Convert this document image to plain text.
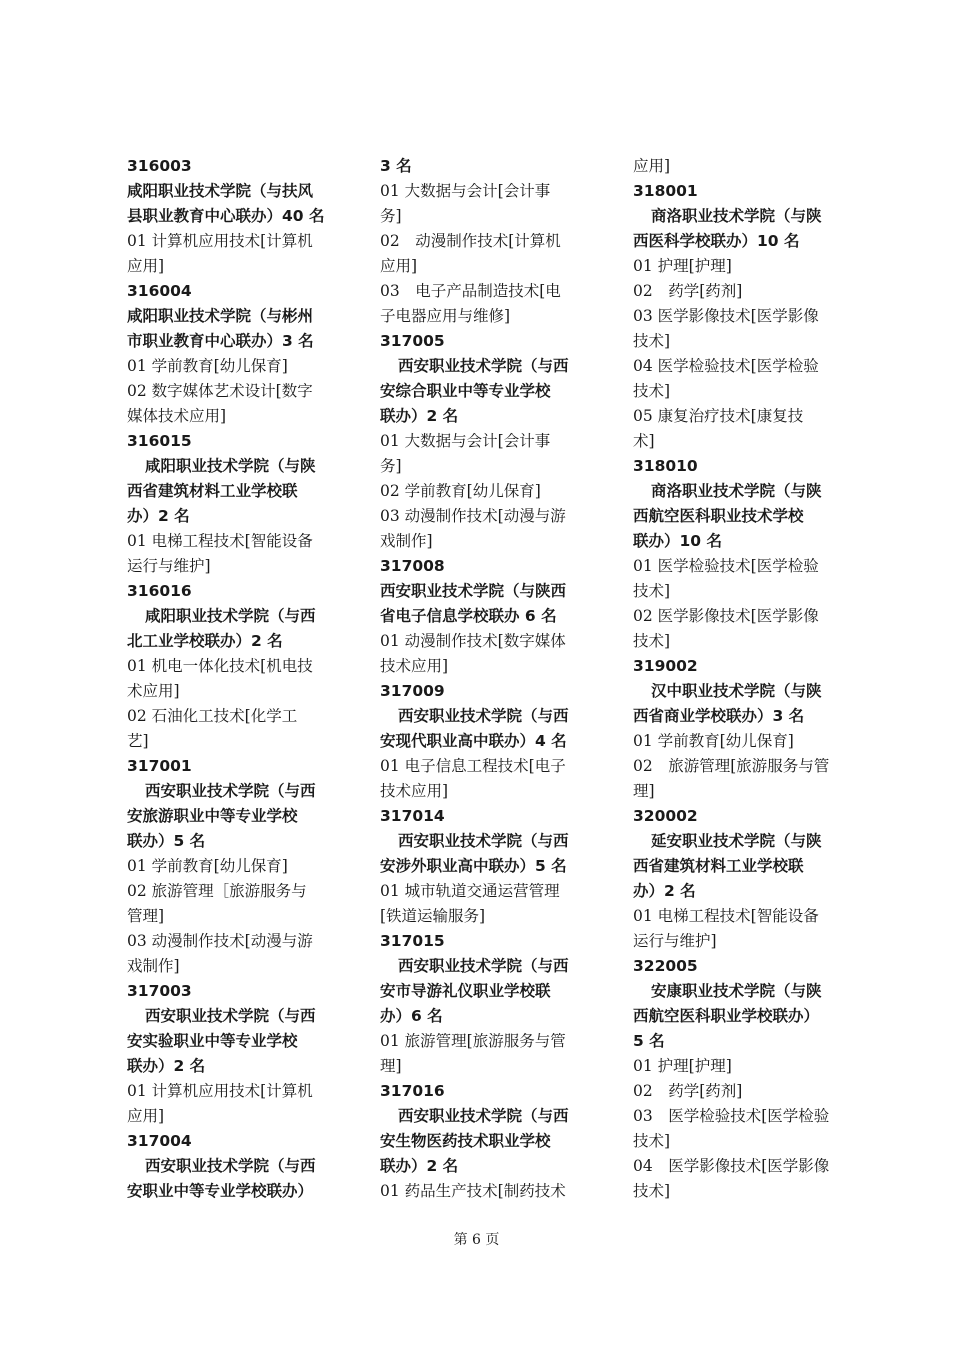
316003
咸阳职业技术学院（与扶风
县职业教育中心联办）40 名
01 计算机应用技术[计算机
应用]
316004
咸阳职业技术学院（与彬州
市职业教育中心联办）3 名
01 学前教育[幼儿保育]
02 数字媒体艺术设计[数字
媒体技术应用]
316015
咸阳职业技术学院（与陕
西省建筑材料工业学校联
办）2 名
01 电梯工程技术[智能设备
运行与维护]
316016
咸阳职业技术学院（与西
北工业学校联办）2 名
01 机电一体化技术[机电技
术应用]
02 石油化工技术[化学工
艺]
317001
西安职业技术学院（与西
安旅游职业中等专业学校
联办）5 名
01 学前教育[幼儿保育]
02 旅游管理［旅游服务与
管理]
03 动漫制作技术[动漫与游
戏制作]
317003
西安职业技术学院（与西
安实验职业中等专业学校
联办）2 名
01 计算机应用技术[计算机
应用]
317004
西安职业技术学院（与西
安职业中等专业学校联办）
3 名
01 大数据与会计[会计事
务]
02　动漫制作技术[计算机
应用]
03　电子产品制造技术[电
子电器应用与维修]
317005
西安职业技术学院（与西
安综合职业中等专业学校
联办）2 名
01 大数据与会计[会计事
务]
02 学前教育[幼儿保育]
03 动漫制作技术[动漫与游
戏制作]
317008
西安职业技术学院（与陕西
省电子信息学校联办 6 名
01 动漫制作技术[数字媒体
技术应用]
317009
西安职业技术学院（与西
安现代职业高中联办）4 名
01 电子信息工程技术[电子
技术应用]
317014
西安职业技术学院（与西
安涉外职业高中联办）5 名
01 城市轨道交通运营管理
[铁道运输服务]
317015
西安职业技术学院（与西
安市导游礼仪职业学校联
办）6 名
01 旅游管理[旅游服务与管
理]
317016
西安职业技术学院（与西
安生物医药技术职业学校
联办）2 名
01 药品生产技术[制药技术
应用]
318001
商洛职业技术学院（与陕
西医科学校联办）10 名
01 护理[护理]
02　药学[药剂]
03 医学影像技术[医学影像
技术]
04 医学检验技术[医学检验
技术]
05 康复治疗技术[康复技
术]
318010
商洛职业技术学院（与陕
西航空医科职业技术学校
联办）10 名
01 医学检验技术[医学检验
技术]
02 医学影像技术[医学影像
技术]
319002
汉中职业技术学院（与陕
西省商业学校联办）3 名
01 学前教育[幼儿保育]
02　旅游管理[旅游服务与管
理]
320002
延安职业技术学院（与陕
西省建筑材料工业学校联
办）2 名
01 电梯工程技术[智能设备
运行与维护]
322005
安康职业技术学院（与陕
西航空医科职业学校联办）
5 名
01 护理[护理]
02　药学[药剂]
03　医学检验技术[医学检验
技术]
04　医学影像技术[医学影像
技术]
第 6 页
